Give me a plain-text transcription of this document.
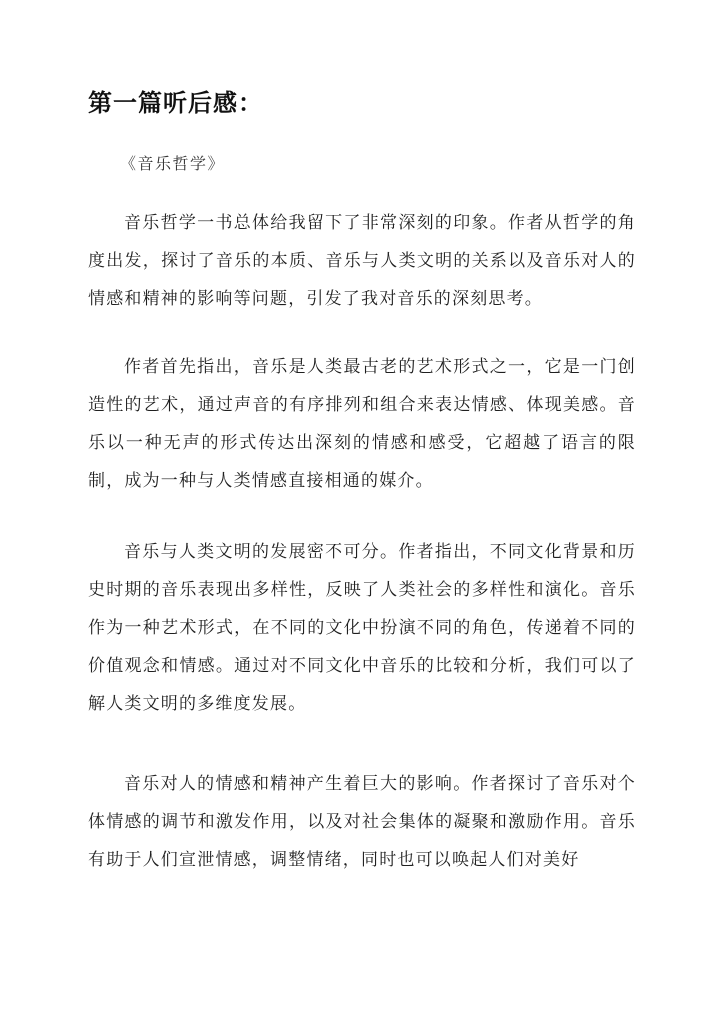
第一篇听后感：
《音乐哲学》

音乐哲学一书总体给我留下了非常深刻的印象。作者从哲学的角度出发，探讨了音乐的本质、音乐与人类文明的关系以及音乐对人的情感和精神的影响等问题，引发了我对音乐的深刻思考。

作者首先指出，音乐是人类最古老的艺术形式之一，它是一门创造性的艺术，通过声音的有序排列和组合来表达情感、体现美感。音乐以一种无声的形式传达出深刻的情感和感受，它超越了语言的限制，成为一种与人类情感直接相通的媒介。

音乐与人类文明的发展密不可分。作者指出，不同文化背景和历史时期的音乐表现出多样性，反映了人类社会的多样性和演化。音乐作为一种艺术形式，在不同的文化中扮演不同的角色，传递着不同的价值观念和情感。通过对不同文化中音乐的比较和分析，我们可以了解人类文明的多维度发展。

音乐对人的情感和精神产生着巨大的影响。作者探讨了音乐对个体情感的调节和激发作用，以及对社会集体的凝聚和激励作用。音乐有助于人们宣泄情感，调整情绪，同时也可以唤起人们对美好
